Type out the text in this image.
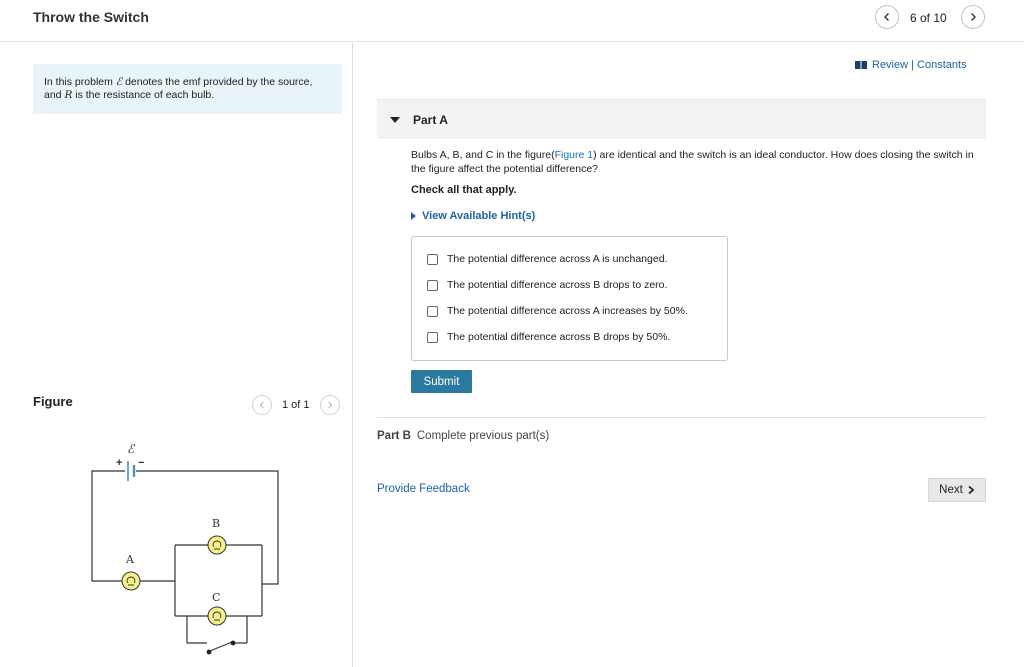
Throw the Switch	6 of 10
In this problem ℰ denotes the emf provided by the source, and R is the resistance of each bulb.
Figure	1 of 1
+ −
ℰ
A
B
C
Review | Constants
Part A
Bulbs A, B, and C in the figure(Figure 1) are identical and the switch is an ideal conductor. How does closing the switch in the figure affect the potential difference?
Check all that apply.
View Available Hint(s)
The potential difference across A is unchanged.
The potential difference across B drops to zero.
The potential difference across A increases by 50%.
The potential difference across B drops by 50%.
Submit
Part B Complete previous part(s)
Provide Feedback	Next
